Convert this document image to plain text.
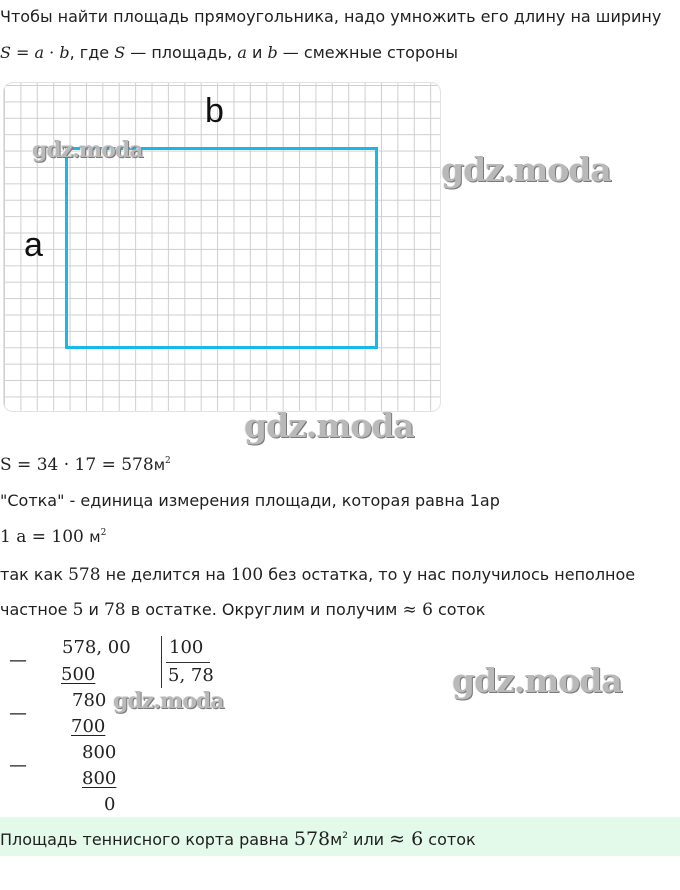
Чтобы найти площадь прямоугольника, надо умножить его длину на ширину
S = a · b, где S — площадь, a и b — смежные стороны
b
a
gdz.moda	gdz.moda
gdz.moda
gdz.moda
gdz.moda
$S = 34 \cdot 17 = 578м^2$
"Сотка" - единица измерения площади, которая равна 1ар
1 а = 100 $м^2$
так как 578 не делится на 100 без остатка, то у нас получилось неполное
частное 5 и 78 в остатке. Округлим и получим ≈ 6 соток
—
—
—
578, 00
500
780
700
800
800
0
100
5, 78
Площадь теннисного корта равна $578м^2$ или ≈ 6 соток
